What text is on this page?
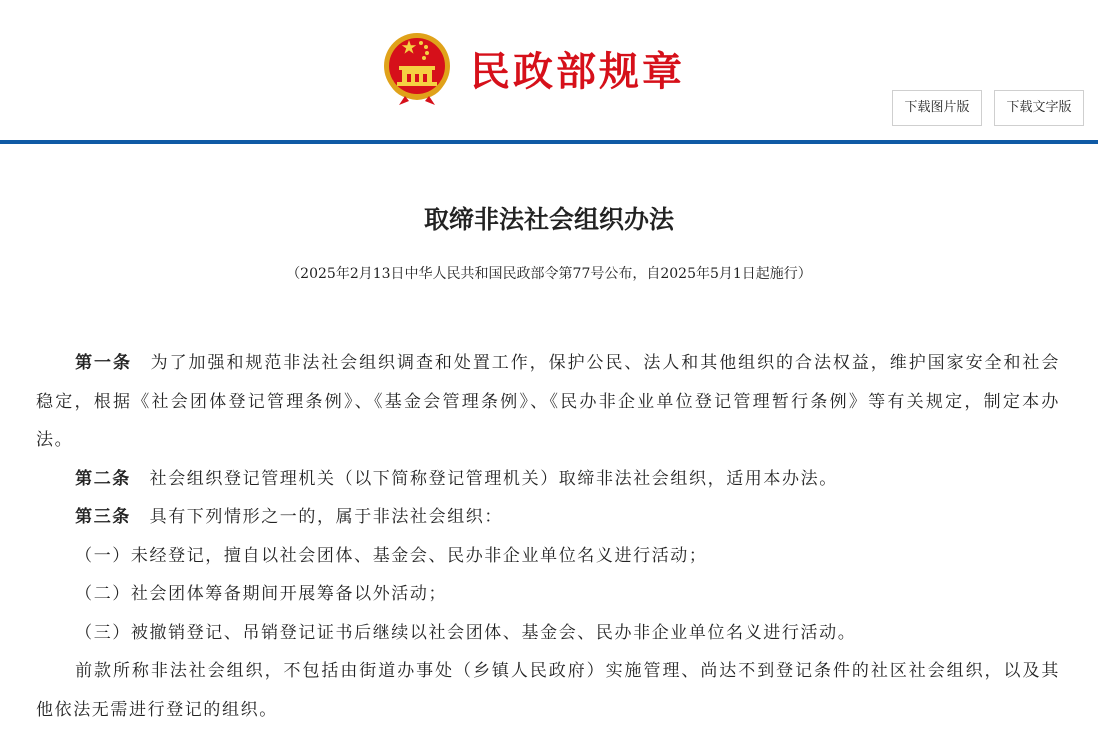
民政部规章
下载图片版	下载文字版
取缔非法社会组织办法
（2025年2月13日中华人民共和国民政部令第77号公布，自2025年5月1日起施行）

第一条 为了加强和规范非法社会组织调查和处置工作，保护公民、法人和其他组织的合法权益，维护国家安全和社会稳定，根据《社会团体登记管理条例》、《基金会管理条例》、《民办非企业单位登记管理暂行条例》等有关规定，制定本办法。

第二条 社会组织登记管理机关（以下简称登记管理机关）取缔非法社会组织，适用本办法。

第三条 具有下列情形之一的，属于非法社会组织：

（一）未经登记，擅自以社会团体、基金会、民办非企业单位名义进行活动；

（二）社会团体筹备期间开展筹备以外活动；

（三）被撤销登记、吊销登记证书后继续以社会团体、基金会、民办非企业单位名义进行活动。

前款所称非法社会组织，不包括由街道办事处（乡镇人民政府）实施管理、尚达不到登记条件的社区社会组织，以及其他依法无需进行登记的组织。
